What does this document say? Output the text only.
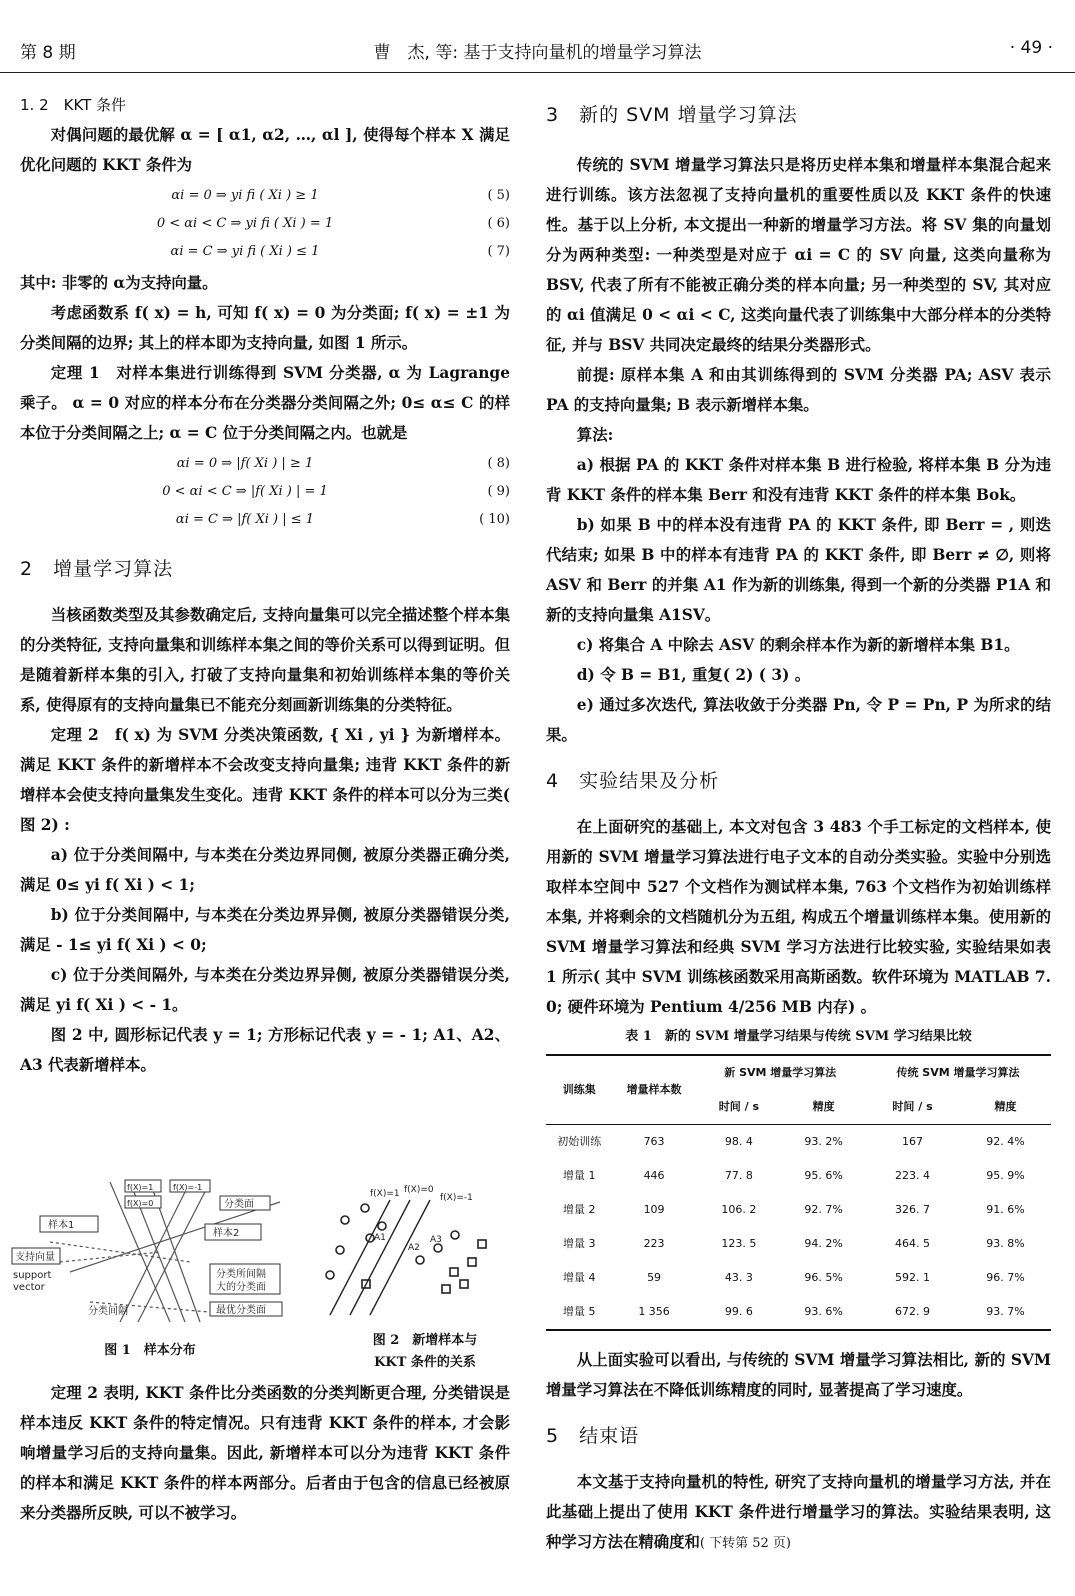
第 8 期	曹　杰, 等: 基于支持向量机的增量学习算法	· 49 ·
1. 2　KKT 条件

对偶问题的最优解 α = [ α1, α2, …, αl ], 使得每个样本 X 满足优化问题的 KKT 条件为

αi = 0 ⇒ yi fi ( Xi ) ≥ 1	( 5)
0 < αi < C ⇒ yi fi ( Xi ) = 1	( 6)
αi = C ⇒ yi fi ( Xi ) ≤ 1	( 7)

其中: 非零的 α为支持向量。

考虑函数系 f( x) = h, 可知 f( x) = 0 为分类面; f( x) = ±1 为分类间隔的边界; 其上的样本即为支持向量, 如图 1 所示。

定理 1　对样本集进行训练得到 SVM 分类器, α 为 Lagrange 乘子。 α = 0 对应的样本分布在分类器分类间隔之外; 0≤ α≤ C 的样本位于分类间隔之上; α = C 位于分类间隔之内。也就是

αi = 0 ⇒ |f( Xi ) | ≥ 1	( 8)
0 < αi < C ⇒ |f( Xi ) | = 1	( 9)
αi = C ⇒ |f( Xi ) | ≤ 1	( 10)
2　增量学习算法

当核函数类型及其参数确定后, 支持向量集可以完全描述整个样本集的分类特征, 支持向量集和训练样本集之间的等价关系可以得到证明。但是随着新样本集的引入, 打破了支持向量集和初始训练样本集的等价关系, 使得原有的支持向量集已不能充分刻画新训练集的分类特征。

定理 2　f( x) 为 SVM 分类决策函数, { Xi , yi } 为新增样本。满足 KKT 条件的新增样本不会改变支持向量集; 违背 KKT 条件的新增样本会使支持向量集发生变化。违背 KKT 条件的样本可以分为三类( 图 2) :

a) 位于分类间隔中, 与本类在分类边界同侧, 被原分类器正确分类, 满足 0≤ yi f( Xi ) < 1;

b) 位于分类间隔中, 与本类在分类边界异侧, 被原分类器错误分类, 满足 - 1≤ yi f( Xi ) < 0;

c) 位于分类间隔外, 与本类在分类边界异侧, 被原分类器错误分类, 满足 yi f( Xi ) < - 1。

图 2 中, 圆形标记代表 y = 1; 方形标记代表 y = - 1; A1、A2、A3 代表新增样本。

样本1
样本2
支持向量
support
vector
分类面
f(X)=1 f(X)=-1
f(X)=0
分类间隔
分类所间隔
大的分类面
最优分类面
图 1　样本分布
f(X)=1 f(X)=0
f(X)=-1
A1
A2
A3
图 2　新增样本与
KKT 条件的关系

定理 2 表明, KKT 条件比分类函数的分类判断更合理, 分类错误是样本违反 KKT 条件的特定情况。只有违背 KKT 条件的样本, 才会影响增量学习后的支持向量集。因此, 新增样本可以分为违背 KKT 条件的样本和满足 KKT 条件的样本两部分。后者由于包含的信息已经被原来分类器所反映, 可以不被学习。

3　新的 SVM 增量学习算法

传统的 SVM 增量学习算法只是将历史样本集和增量样本集混合起来进行训练。该方法忽视了支持向量机的重要性质以及 KKT 条件的快速性。基于以上分析, 本文提出一种新的增量学习方法。将 SV 集的向量划分为两种类型: 一种类型是对应于 αi = C 的 SV 向量, 这类向量称为 BSV, 代表了所有不能被正确分类的样本向量; 另一种类型的 SV, 其对应的 αi 值满足 0 < αi < C, 这类向量代表了训练集中大部分样本的分类特征, 并与 BSV 共同决定最终的结果分类器形式。

前提: 原样本集 A 和由其训练得到的 SVM 分类器 PA; ASV 表示 PA 的支持向量集; B 表示新增样本集。

算法:

a) 根据 PA 的 KKT 条件对样本集 B 进行检验, 将样本集 B 分为违背 KKT 条件的样本集 Berr 和没有违背 KKT 条件的样本集 Bok。

b) 如果 B 中的样本没有违背 PA 的 KKT 条件, 即 Berr = , 则迭代结束; 如果 B 中的样本有违背 PA 的 KKT 条件, 即 Berr ≠ ∅, 则将 ASV 和 Berr 的并集 A1 作为新的训练集, 得到一个新的分类器 P1A 和新的支持向量集 A1SV。

c) 将集合 A 中除去 ASV 的剩余样本作为新的新增样本集 B1。

d) 令 B = B1, 重复( 2) ( 3) 。

e) 通过多次迭代, 算法收敛于分类器 Pn, 令 P = Pn, P 为所求的结果。

4　实验结果及分析

在上面研究的基础上, 本文对包含 3 483 个手工标定的文档样本, 使用新的 SVM 增量学习算法进行电子文本的自动分类实验。实验中分别选取样本空间中 527 个文档作为测试样本集, 763 个文档作为初始训练样本集, 并将剩余的文档随机分为五组, 构成五个增量训练样本集。使用新的 SVM 增量学习算法和经典 SVM 学习方法进行比较实验, 实验结果如表 1 所示( 其中 SVM 训练核函数采用高斯函数。软件环境为 MATLAB 7. 0; 硬件环境为 Pentium 4/256 MB 内存) 。

表 1　新的 SVM 增量学习结果与传统 SVM 学习结果比较
训练集	增量样本数	新 SVM 增量学习算法		传统 SVM 增量学习算法	
		时间 / s	精度	时间 / s	精度
初始训练	763	98. 4	93. 2%	167	92. 4%
增量 1	446	77. 8	95. 6%	223. 4	95. 9%
增量 2	109	106. 2	92. 7%	326. 7	91. 6%
增量 3	223	123. 5	94. 2%	464. 5	93. 8%
增量 4	59	43. 3	96. 5%	592. 1	96. 7%
增量 5	1 356	99. 6	93. 6%	672. 9	93. 7%

从上面实验可以看出, 与传统的 SVM 增量学习算法相比, 新的 SVM 增量学习算法在不降低训练精度的同时, 显著提高了学习速度。

5　结束语

本文基于支持向量机的特性, 研究了支持向量机的增量学习方法, 并在此基础上提出了使用 KKT 条件进行增量学习的算法。实验结果表明, 这种学习方法在精确度和( 下转第 52 页)
